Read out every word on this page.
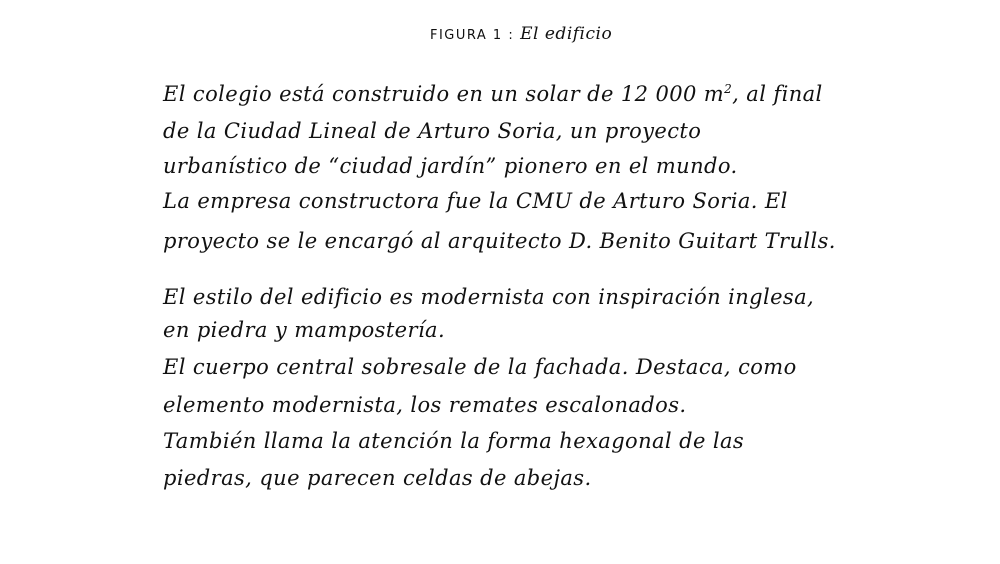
FIGURA 1 : El edificio
El colegio está construido en un solar de 12 000 $m^2$, al final
de la Ciudad Lineal de Arturo Soria, un proyecto
urbanístico de “ciudad jardín” pionero en el mundo.
La empresa constructora fue la CMU de Arturo Soria. El
proyecto se le encargó al arquitecto D. Benito Guitart Trulls.
El estilo del edificio es modernista con inspiración inglesa,
en piedra y mampostería.
El cuerpo central sobresale de la fachada. Destaca, como
elemento modernista, los remates escalonados.
También llama la atención la forma hexagonal de las
piedras, que parecen celdas de abejas.
